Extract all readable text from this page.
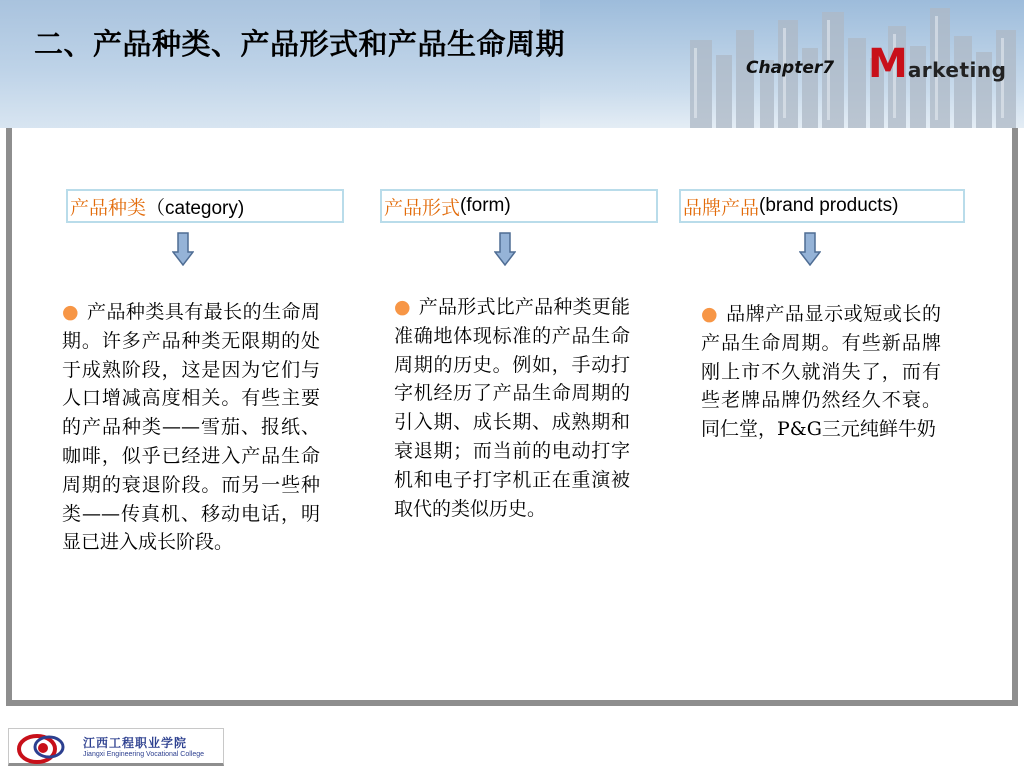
二、产品种类、产品形式和产品生命周期
Chapter7 Marketing
产品种类 （category)	产品形式 (form)	品牌产品 (brand products)
● 产品种类具有最长的生命周期。许多产品种类无限期的处于成熟阶段，这是因为它们与人口增减高度相关。有些主要的产品种类——雪茄、报纸、咖啡，似乎已经进入产品生命周期的衰退阶段。而另一些种类——传真机、移动电话，明显已进入成长阶段。
● 产品形式比产品种类更能准确地体现标准的产品生命周期的历史。例如，手动打字机经历了产品生命周期的引入期、成长期、成熟期和衰退期；而当前的电动打字机和电子打字机正在重演被取代的类似历史。
● 品牌产品显示或短或长的产品生命周期。有些新品牌刚上市不久就消失了，而有些老牌品牌仍然经久不衰。同仁堂，P&G三元纯鲜牛奶
江西工程职业学院
Jiangxi Engineering Vocational College
